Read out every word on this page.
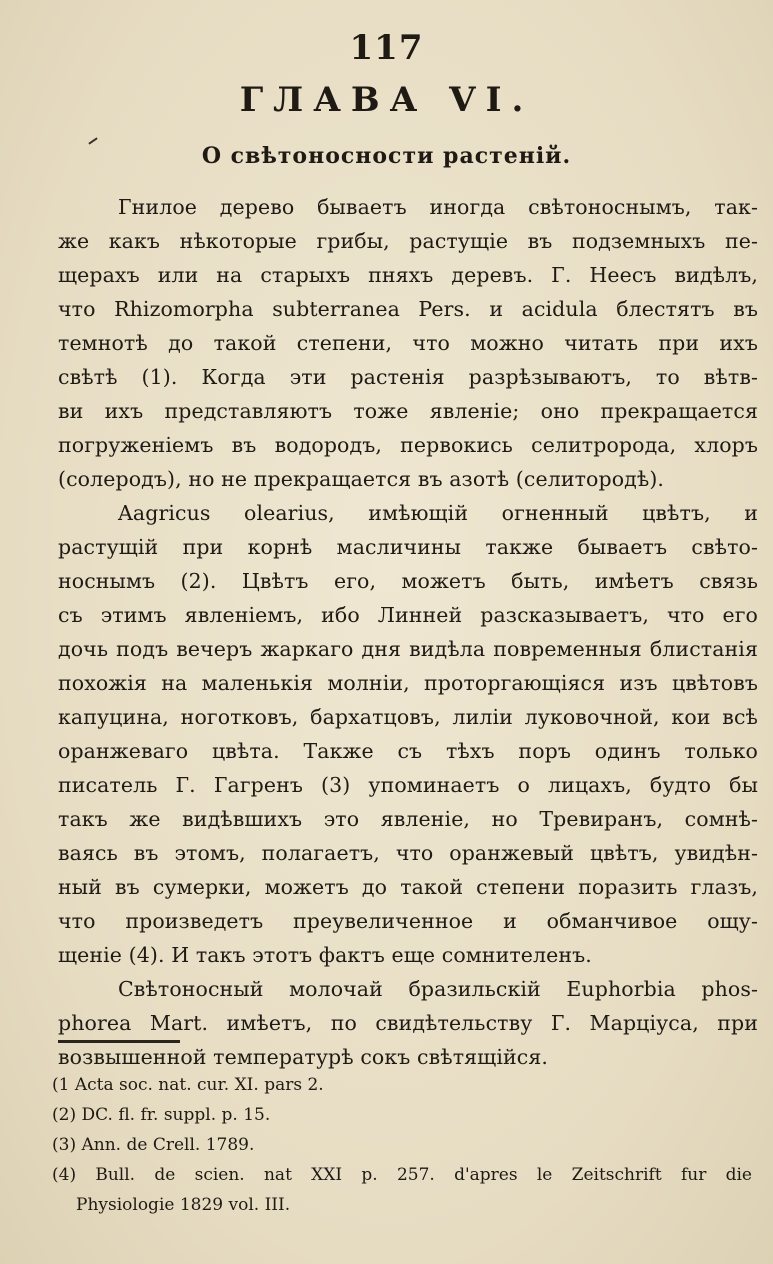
117
ГЛАВА VI.
О свѣтоносности растеній.
Гнилое дерево бываетъ иногда свѣтоноснымъ, так-
же какъ нѣкоторые грибы, растущіе въ подземныхъ пе-
щерахъ или на старыхъ пняхъ деревъ. Г. Неесъ видѣлъ,
что Rhizomorpha subterranea Pers. и acidula блестятъ въ
темнотѣ до такой степени, что можно читать при ихъ
свѣтѣ (1). Когда эти растенія разрѣзываютъ, то вѣтв-
ви ихъ представляютъ тоже явленіе; оно прекращается
погруженіемъ въ водородъ, первокись селитророда, хлоръ
(солеродъ), но не прекращается въ азотѣ (селитородѣ).
Aagricus olearius, имѣющій огненный цвѣтъ, и
растущій при корнѣ масличины также бываетъ свѣто-
носнымъ (2). Цвѣтъ его, можетъ быть, имѣетъ связь
съ этимъ явленіемъ, ибо Линней разсказываетъ, что его
дочь подъ вечеръ жаркаго дня видѣла повременныя блистанія
похожія на маленькія молніи, проторгающіяся изъ цвѣтовъ
капуцина, ноготковъ, бархатцовъ, лиліи луковочной, кои всѣ
оранжеваго цвѣта. Также съ тѣхъ поръ одинъ только
писатель Г. Гагренъ (3) упоминаетъ о лицахъ, будто бы
такъ же видѣвшихъ это явленіе, но Тревиранъ, сомнѣ-
ваясь въ этомъ, полагаетъ, что оранжевый цвѣтъ, увидѣн-
ный въ сумерки, можетъ до такой степени поразить глазъ,
что произведетъ преувеличенное и обманчивое ощу-
щеніе (4). И такъ этотъ фактъ еще сомнителенъ.
Свѣтоносный молочай бразильскій Euphorbia phos-
phorea Mart. имѣетъ, по свидѣтельству Г. Марціуса, при
возвышенной температурѣ сокъ свѣтящійся.
(1 Acta soc. nat. cur. XI. pars 2.
(2) DC. fl. fr. suppl. p. 15.
(3) Ann. de Crell. 1789.
(4) Bull. de scien. nat XXI p. 257. d'apres le Zeitschrift fur die
Physiologie 1829 vol. III.
